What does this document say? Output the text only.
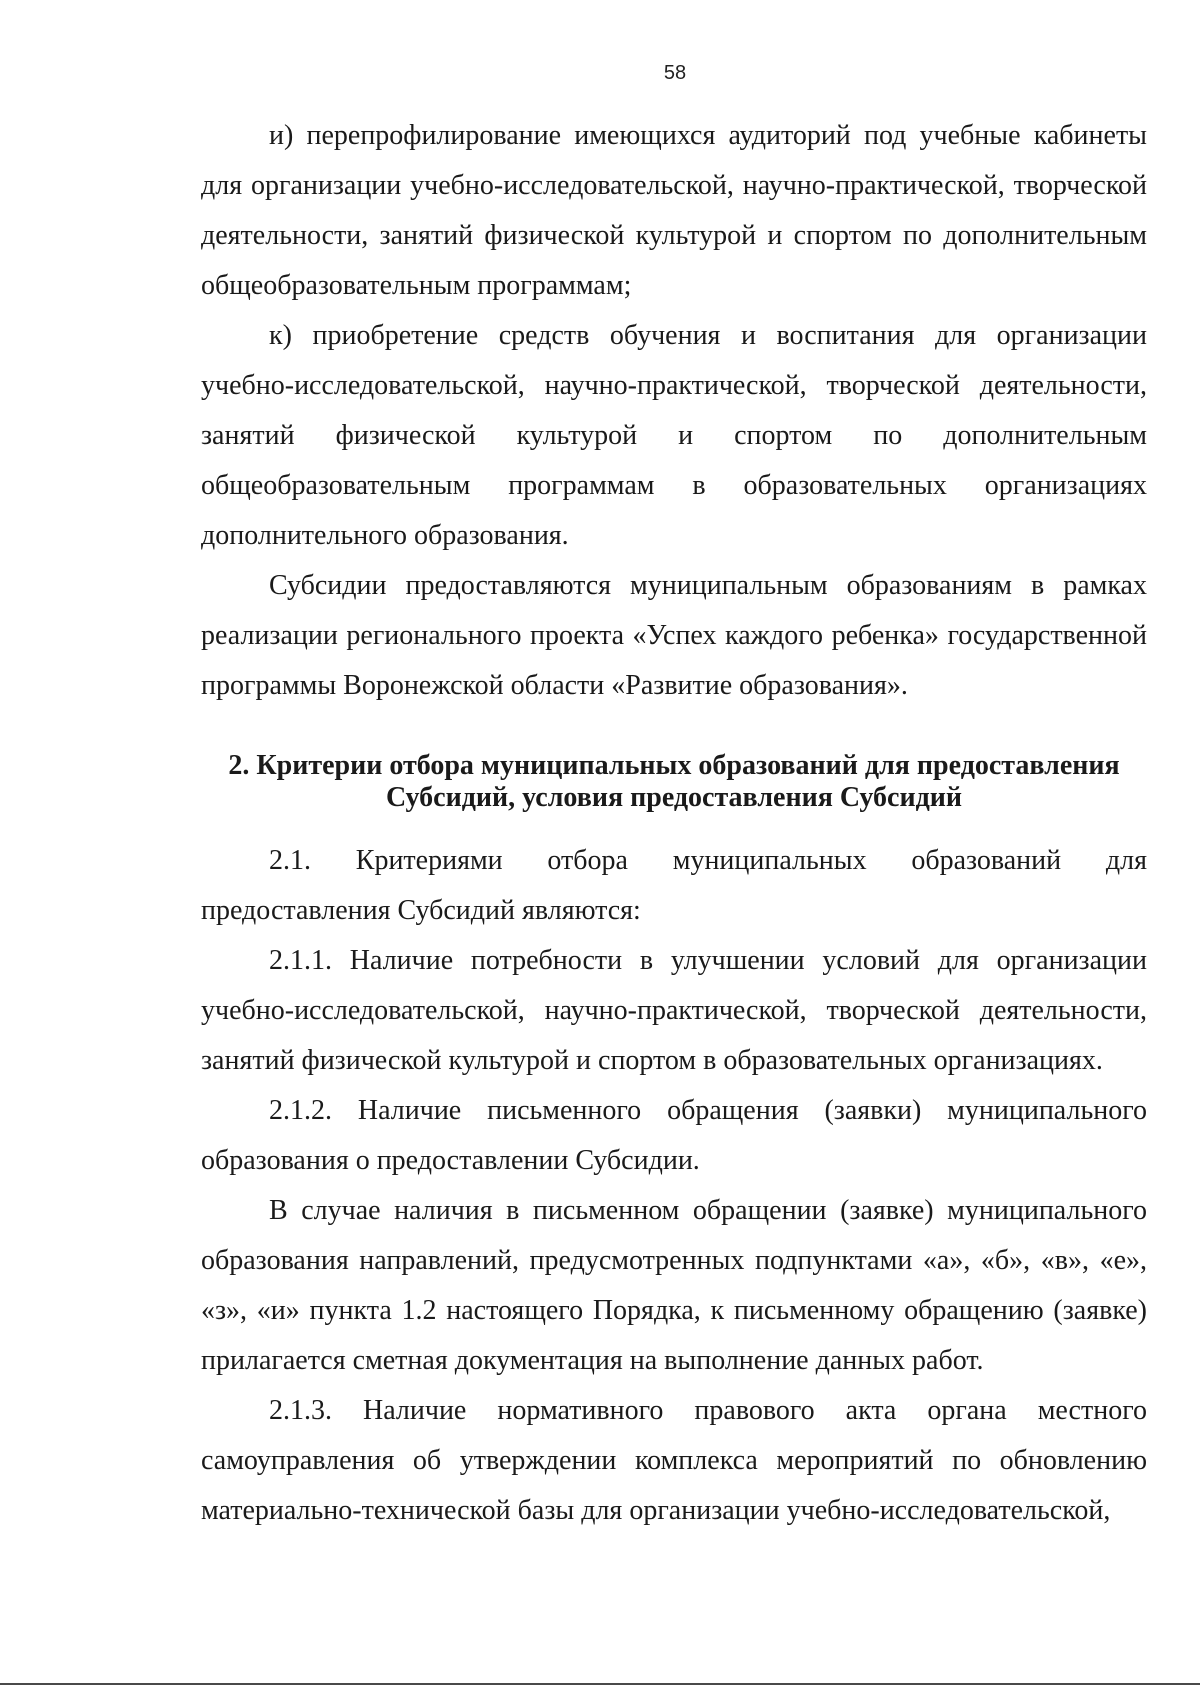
58

и) перепрофилирование имеющихся аудиторий под учебные кабинеты для организации учебно-исследовательской, научно-практической, творческой деятельности, занятий физической культурой и спортом по дополнительным общеобразовательным программам;

к) приобретение средств обучения и воспитания для организации учебно-исследовательской, научно-практической, творческой деятельности, занятий физической культурой и спортом по дополнительным общеобразовательным программам в образовательных организациях дополнительного образования.

Субсидии предоставляются муниципальным образованиям в рамках реализации регионального проекта «Успех каждого ребенка» государственной программы Воронежской области «Развитие образования».

2. Критерии отбора муниципальных образований для предоставления
Субсидий, условия предоставления Субсидий

2.1. Критериями отбора муниципальных образований для предоставления Субсидий являются:

2.1.1. Наличие потребности в улучшении условий для организации учебно-исследовательской, научно-практической, творческой деятельности, занятий физической культурой и спортом в образовательных организациях.

2.1.2. Наличие письменного обращения (заявки) муниципального образования о предоставлении Субсидии.

В случае наличия в письменном обращении (заявке) муниципального образования направлений, предусмотренных подпунктами «а», «б», «в», «е», «з», «и» пункта 1.2 настоящего Порядка, к письменному обращению (заявке) прилагается сметная документация на выполнение данных работ.

2.1.3. Наличие нормативного правового акта органа местного самоуправления об утверждении комплекса мероприятий по обновлению материально-технической базы для организации учебно-исследовательской,
